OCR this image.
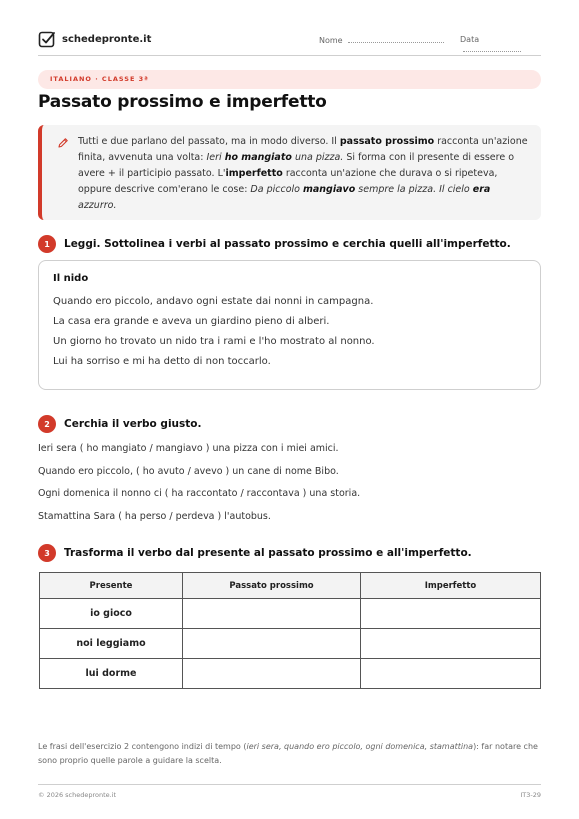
schedepronte.it	Nome	Data
ITALIANO · CLASSE 3ª
Passato prossimo e imperfetto
Tutti e due parlano del passato, ma in modo diverso. Il passato prossimo racconta un'azione finita, avvenuta una volta: Ieri ho mangiato una pizza. Si forma con il presente di essere o avere + il participio passato. L'imperfetto racconta un'azione che durava o si ripeteva, oppure descrive com'erano le cose: Da piccolo mangiavo sempre la pizza. Il cielo era azzurro.
1	Leggi. Sottolinea i verbi al passato prossimo e cerchia quelli all'imperfetto.
Il nido
Quando ero piccolo, andavo ogni estate dai nonni in campagna.
La casa era grande e aveva un giardino pieno di alberi.
Un giorno ho trovato un nido tra i rami e l'ho mostrato al nonno.
Lui ha sorriso e mi ha detto di non toccarlo.
2	Cerchia il verbo giusto.
Ieri sera ( ho mangiato / mangiavo ) una pizza con i miei amici.
Quando ero piccolo, ( ho avuto / avevo ) un cane di nome Bibo.
Ogni domenica il nonno ci ( ha raccontato / raccontava ) una storia.
Stamattina Sara ( ha perso / perdeva ) l'autobus.
3	Trasforma il verbo dal presente al passato prossimo e all'imperfetto.
Presente	Passato prossimo	Imperfetto
io gioco		
noi leggiamo		
lui dorme		
Le frasi dell'esercizio 2 contengono indizi di tempo (ieri sera, quando ero piccolo, ogni domenica, stamattina): far notare che sono proprio quelle parole a guidare la scelta.
© 2026 schedepronte.it	IT3-29
